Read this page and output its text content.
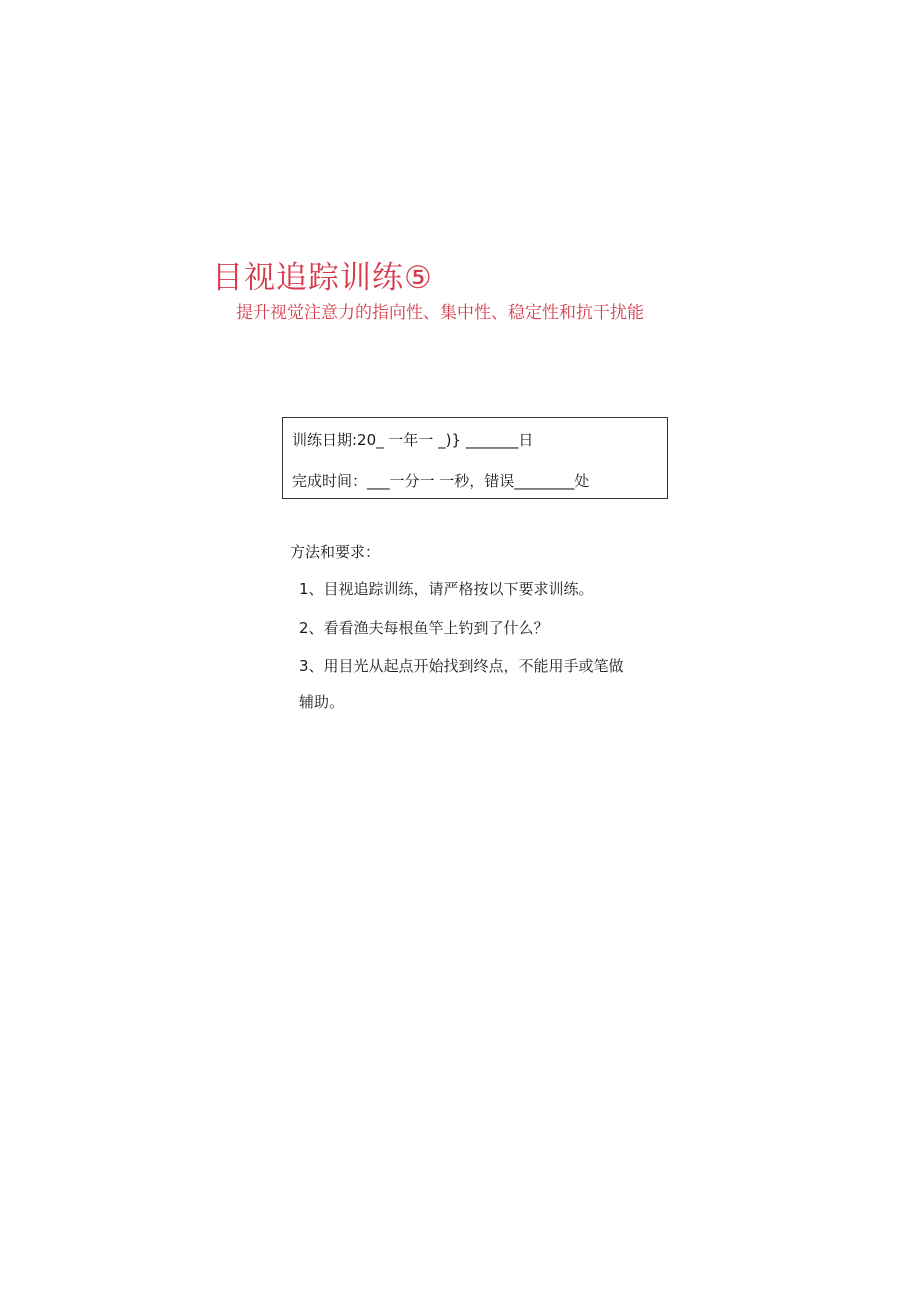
目视追踪训练⑤
提升视觉注意力的指向性、集中性、稳定性和抗干扰能
训练日期:20_ 一年一 _)} _______日
完成时间：___一分一 一秒，错误________处
方法和要求：
1、目视追踪训练，请严格按以下要求训练。
2、看看渔夫每根鱼竿上钓到了什么？
3、用目光从起点开始找到终点，不能用手或笔做
辅助。
